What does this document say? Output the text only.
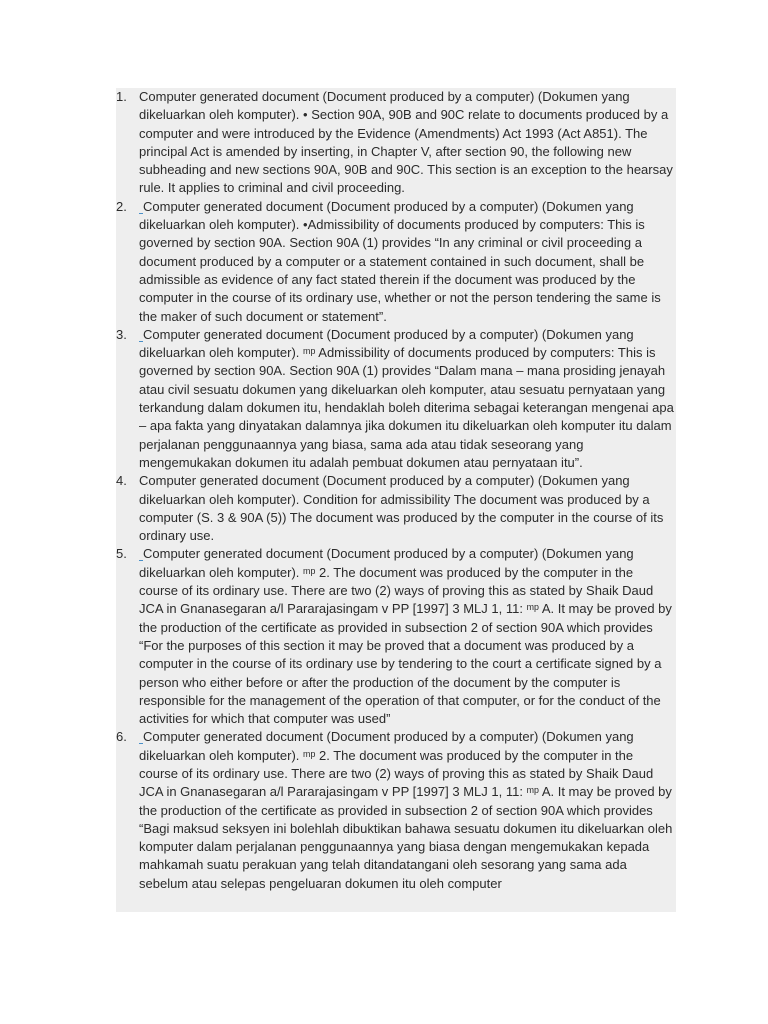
1. Computer generated document (Document produced by a computer) (Dokumen yang dikeluarkan oleh komputer). • Section 90A, 90B and 90C relate to documents produced by a computer and were introduced by the Evidence (Amendments) Act 1993 (Act A851). The principal Act is amended by inserting, in Chapter V, after section 90, the following new subheading and new sections 90A, 90B and 90C. This section is an exception to the hearsay rule. It applies to criminal and civil proceeding.
2.	Computer generated document (Document produced by a computer) (Dokumen yang dikeluarkan oleh komputer). •Admissibility of documents produced by computers: This is governed by section 90A. Section 90A (1) provides “In any criminal or civil proceeding a document produced by a computer or a statement contained in such document, shall be admissible as evidence of any fact stated therein if the document was produced by the computer in the course of its ordinary use, whether or not the person tendering the same is the maker of such document or statement”.
3.	Computer generated document (Document produced by a computer) (Dokumen yang dikeluarkan oleh komputer). ᵐᵖ Admissibility of documents produced by computers: This is governed by section 90A. Section 90A (1) provides “Dalam mana – mana prosiding jenayah atau civil sesuatu dokumen yang dikeluarkan oleh komputer, atau sesuatu pernyataan yang terkandung dalam dokumen itu, hendaklah boleh diterima sebagai keterangan mengenai apa – apa fakta yang dinyatakan dalamnya jika dokumen itu dikeluarkan oleh komputer itu dalam perjalanan penggunaannya yang biasa, sama ada atau tidak seseorang yang mengemukakan dokumen itu adalah pembuat dokumen atau pernyataan itu”.
4. Computer generated document (Document produced by a computer) (Dokumen yang dikeluarkan oleh komputer). Condition for admissibility The document was produced by a computer (S. 3 & 90A (5)) The document was produced by the computer in the course of its ordinary use.
5.	Computer generated document (Document produced by a computer) (Dokumen yang dikeluarkan oleh komputer). ᵐᵖ 2. The document was produced by the computer in the course of its ordinary use. There are two (2) ways of proving this as stated by Shaik Daud JCA in Gnanasegaran a/l Pararajasingam v PP [1997] 3 MLJ 1, 11: ᵐᵖ A. It may be proved by the production of the certificate as provided in subsection 2 of section 90A which provides “For the purposes of this section it may be proved that a document was produced by a computer in the course of its ordinary use by tendering to the court a certificate signed by a person who either before or after the production of the document by the computer is responsible for the management of the operation of that computer, or for the conduct of the activities for which that computer was used”
6.	Computer generated document (Document produced by a computer) (Dokumen yang dikeluarkan oleh komputer). ᵐᵖ 2. The document was produced by the computer in the course of its ordinary use. There are two (2) ways of proving this as stated by Shaik Daud JCA in Gnanasegaran a/l Pararajasingam v PP [1997] 3 MLJ 1, 11: ᵐᵖ A. It may be proved by the production of the certificate as provided in subsection 2 of section 90A which provides “Bagi maksud seksyen ini bolehlah dibuktikan bahawa sesuatu dokumen itu dikeluarkan oleh komputer dalam perjalanan penggunaannya yang biasa dengan mengemukakan kepada mahkamah suatu perakuan yang telah ditandatangani oleh sesorang yang sama ada sebelum atau selepas pengeluaran dokumen itu oleh computer
